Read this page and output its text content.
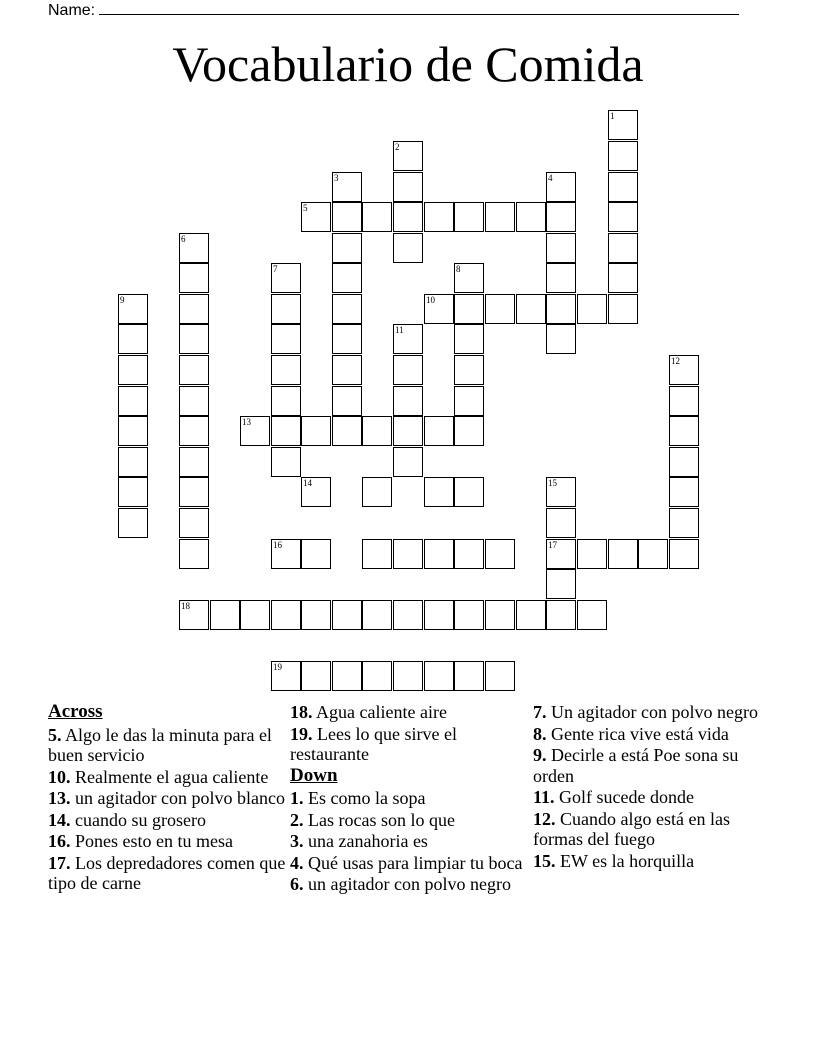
Name:
Vocabulario de Comida
1
2
3	4
5
6
7	8
9	10
11
12
13
14	15
16	17
18
19
Across
5. Algo le das la minuta para el buen servicio
10. Realmente el agua caliente
13. un agitador con polvo blanco
14. cuando su grosero
16. Pones esto en tu mesa
17. Los depredadores comen que tipo de carne
18. Agua caliente aire
19. Lees lo que sirve el restaurante
Down
1. Es como la sopa
2. Las rocas son lo que
3. una zanahoria es
4. Qué usas para limpiar tu boca
6. un agitador con polvo negro
7. Un agitador con polvo negro
8. Gente rica vive está vida
9. Decirle a está Poe sona su orden
11. Golf sucede donde
12. Cuando algo está en las formas del fuego
15. EW es la horquilla
